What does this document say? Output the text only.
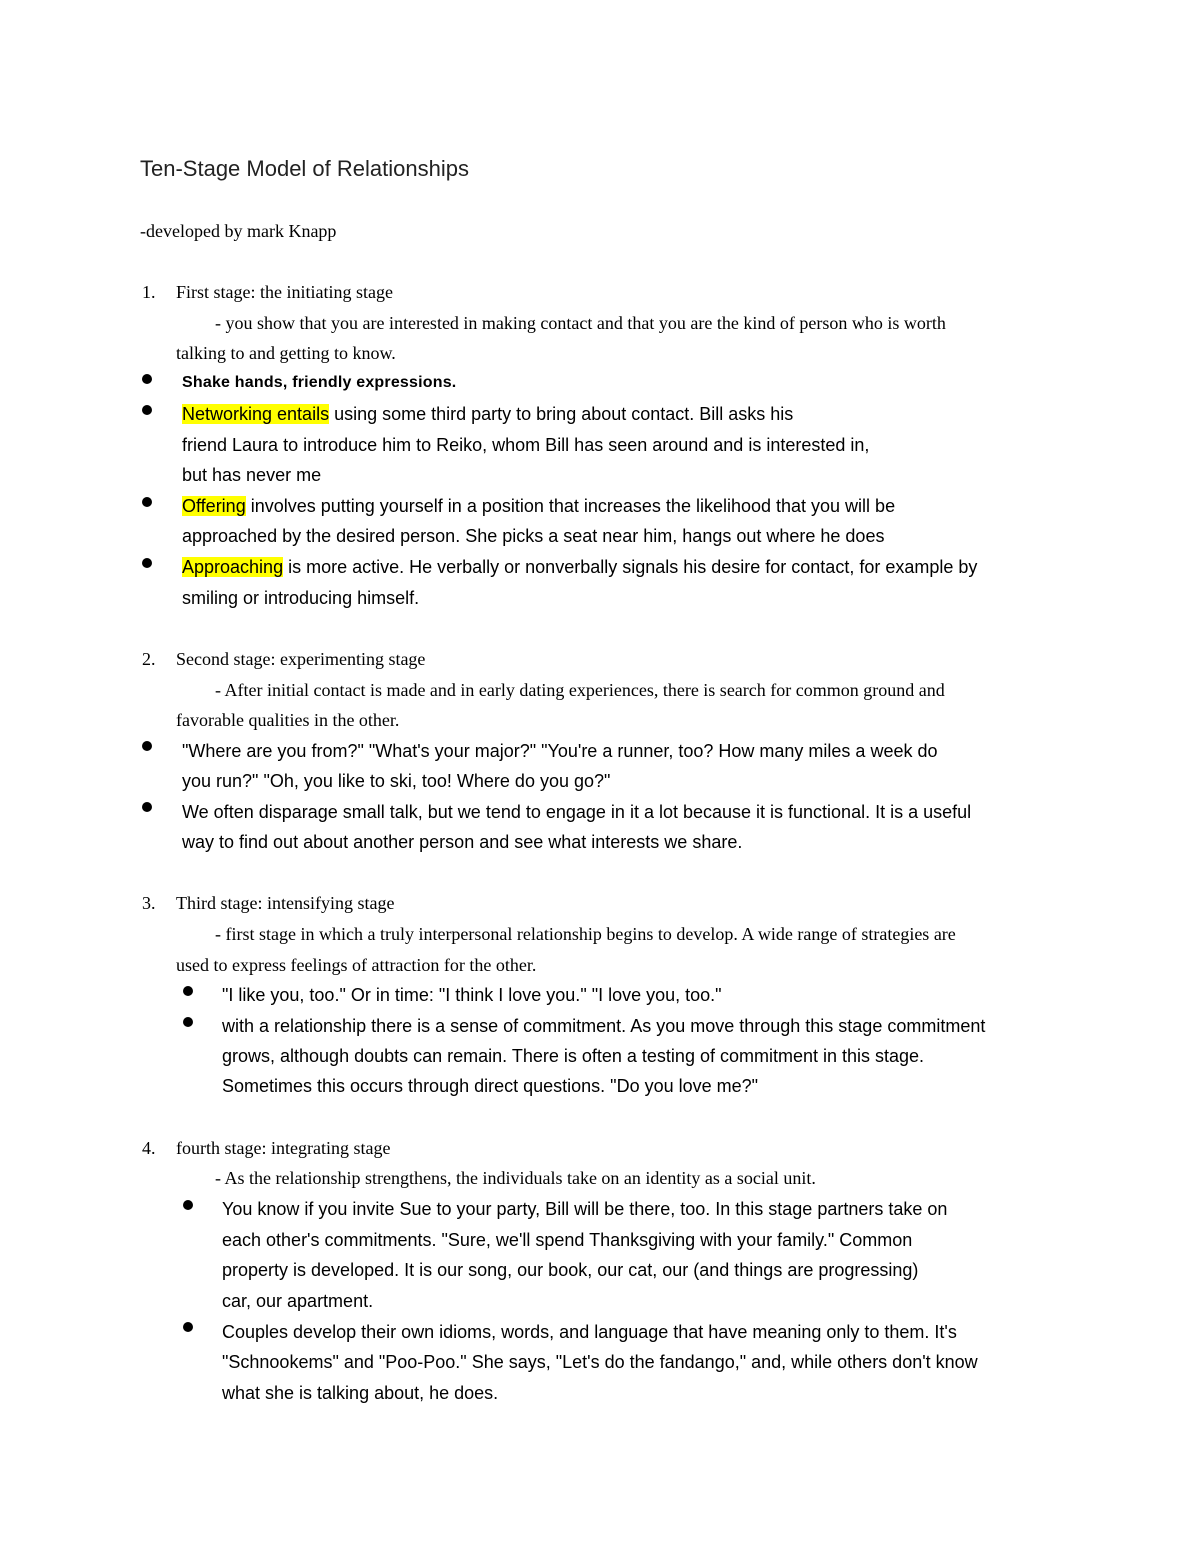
Ten-Stage Model of Relationships
-developed by mark Knapp
1. First stage: the initiating stage
- you show that you are interested in making contact and that you are the kind of person who is worth
talking to and getting to know.
Shake hands, friendly expressions.
Networking entails using some third party to bring about contact. Bill asks his
friend Laura to introduce him to Reiko, whom Bill has seen around and is interested in,
but has never me
Offering involves putting yourself in a position that increases the likelihood that you will be
approached by the desired person. She picks a seat near him, hangs out where he does
Approaching is more active. He verbally or nonverbally signals his desire for contact, for example by
smiling or introducing himself.
2. Second stage: experimenting stage
- After initial contact is made and in early dating experiences, there is search for common ground and
favorable qualities in the other.
"Where are you from?" "What's your major?" "You're a runner, too? How many miles a week do
you run?" "Oh, you like to ski, too! Where do you go?"
We often disparage small talk, but we tend to engage in it a lot because it is functional. It is a useful
way to find out about another person and see what interests we share.
3. Third stage: intensifying stage
- first stage in which a truly interpersonal relationship begins to develop. A wide range of strategies are
used to express feelings of attraction for the other.
"I like you, too." Or in time: "I think I love you." "I love you, too."
with a relationship there is a sense of commitment. As you move through this stage commitment
grows, although doubts can remain. There is often a testing of commitment in this stage.
Sometimes this occurs through direct questions. "Do you love me?"
4. fourth stage: integrating stage
- As the relationship strengthens, the individuals take on an identity as a social unit.
You know if you invite Sue to your party, Bill will be there, too. In this stage partners take on
each other's commitments. "Sure, we'll spend Thanksgiving with your family." Common
property is developed. It is our song, our book, our cat, our (and things are progressing)
car, our apartment.
Couples develop their own idioms, words, and language that have meaning only to them. It's
"Schnookems" and "Poo-Poo." She says, "Let's do the fandango," and, while others don't know
what she is talking about, he does.
